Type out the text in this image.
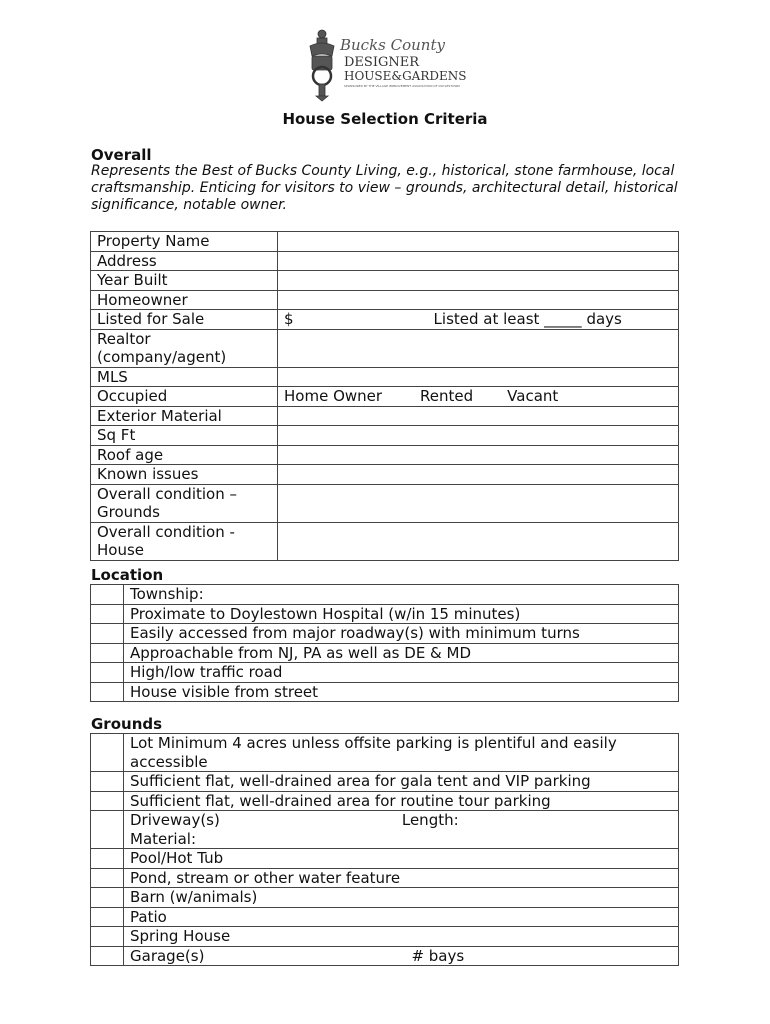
Bucks County
DESIGNER
HOUSE&GARDENS
SPONSORED BY THE VILLAGE IMPROVEMENT ASSOCIATION OF DOYLESTOWN
House Selection Criteria
Overall
Represents the Best of Bucks County Living, e.g., historical, stone farmhouse, local craftsmanship. Enticing for visitors to view – grounds, architectural detail, historical significance, notable owner.
Property Name	
Address	
Year Built	
Homeowner	
Listed for Sale	$ Listed at least _____ days
Realtor (company/agent)	
MLS	
Occupied	Home Owner Rented Vacant
Exterior Material	
Sq Ft	
Roof age	
Known issues	
Overall condition – Grounds	
Overall condition - House	
Location
	Township:
	Proximate to Doylestown Hospital (w/in 15 minutes)
	Easily accessed from major roadway(s) with minimum turns
	Approachable from NJ, PA as well as DE & MD
	High/low traffic road
	House visible from street
Grounds
	Lot Minimum 4 acres unless offsite parking is plentiful and easily accessible
	Sufficient flat, well-drained area for gala tent and VIP parking
	Sufficient flat, well-drained area for routine tour parking
	Driveway(s) Length:
Material:
	Pool/Hot Tub
	Pond, stream or other water feature
	Barn (w/animals)
	Patio
	Spring House
	Garage(s) # bays
